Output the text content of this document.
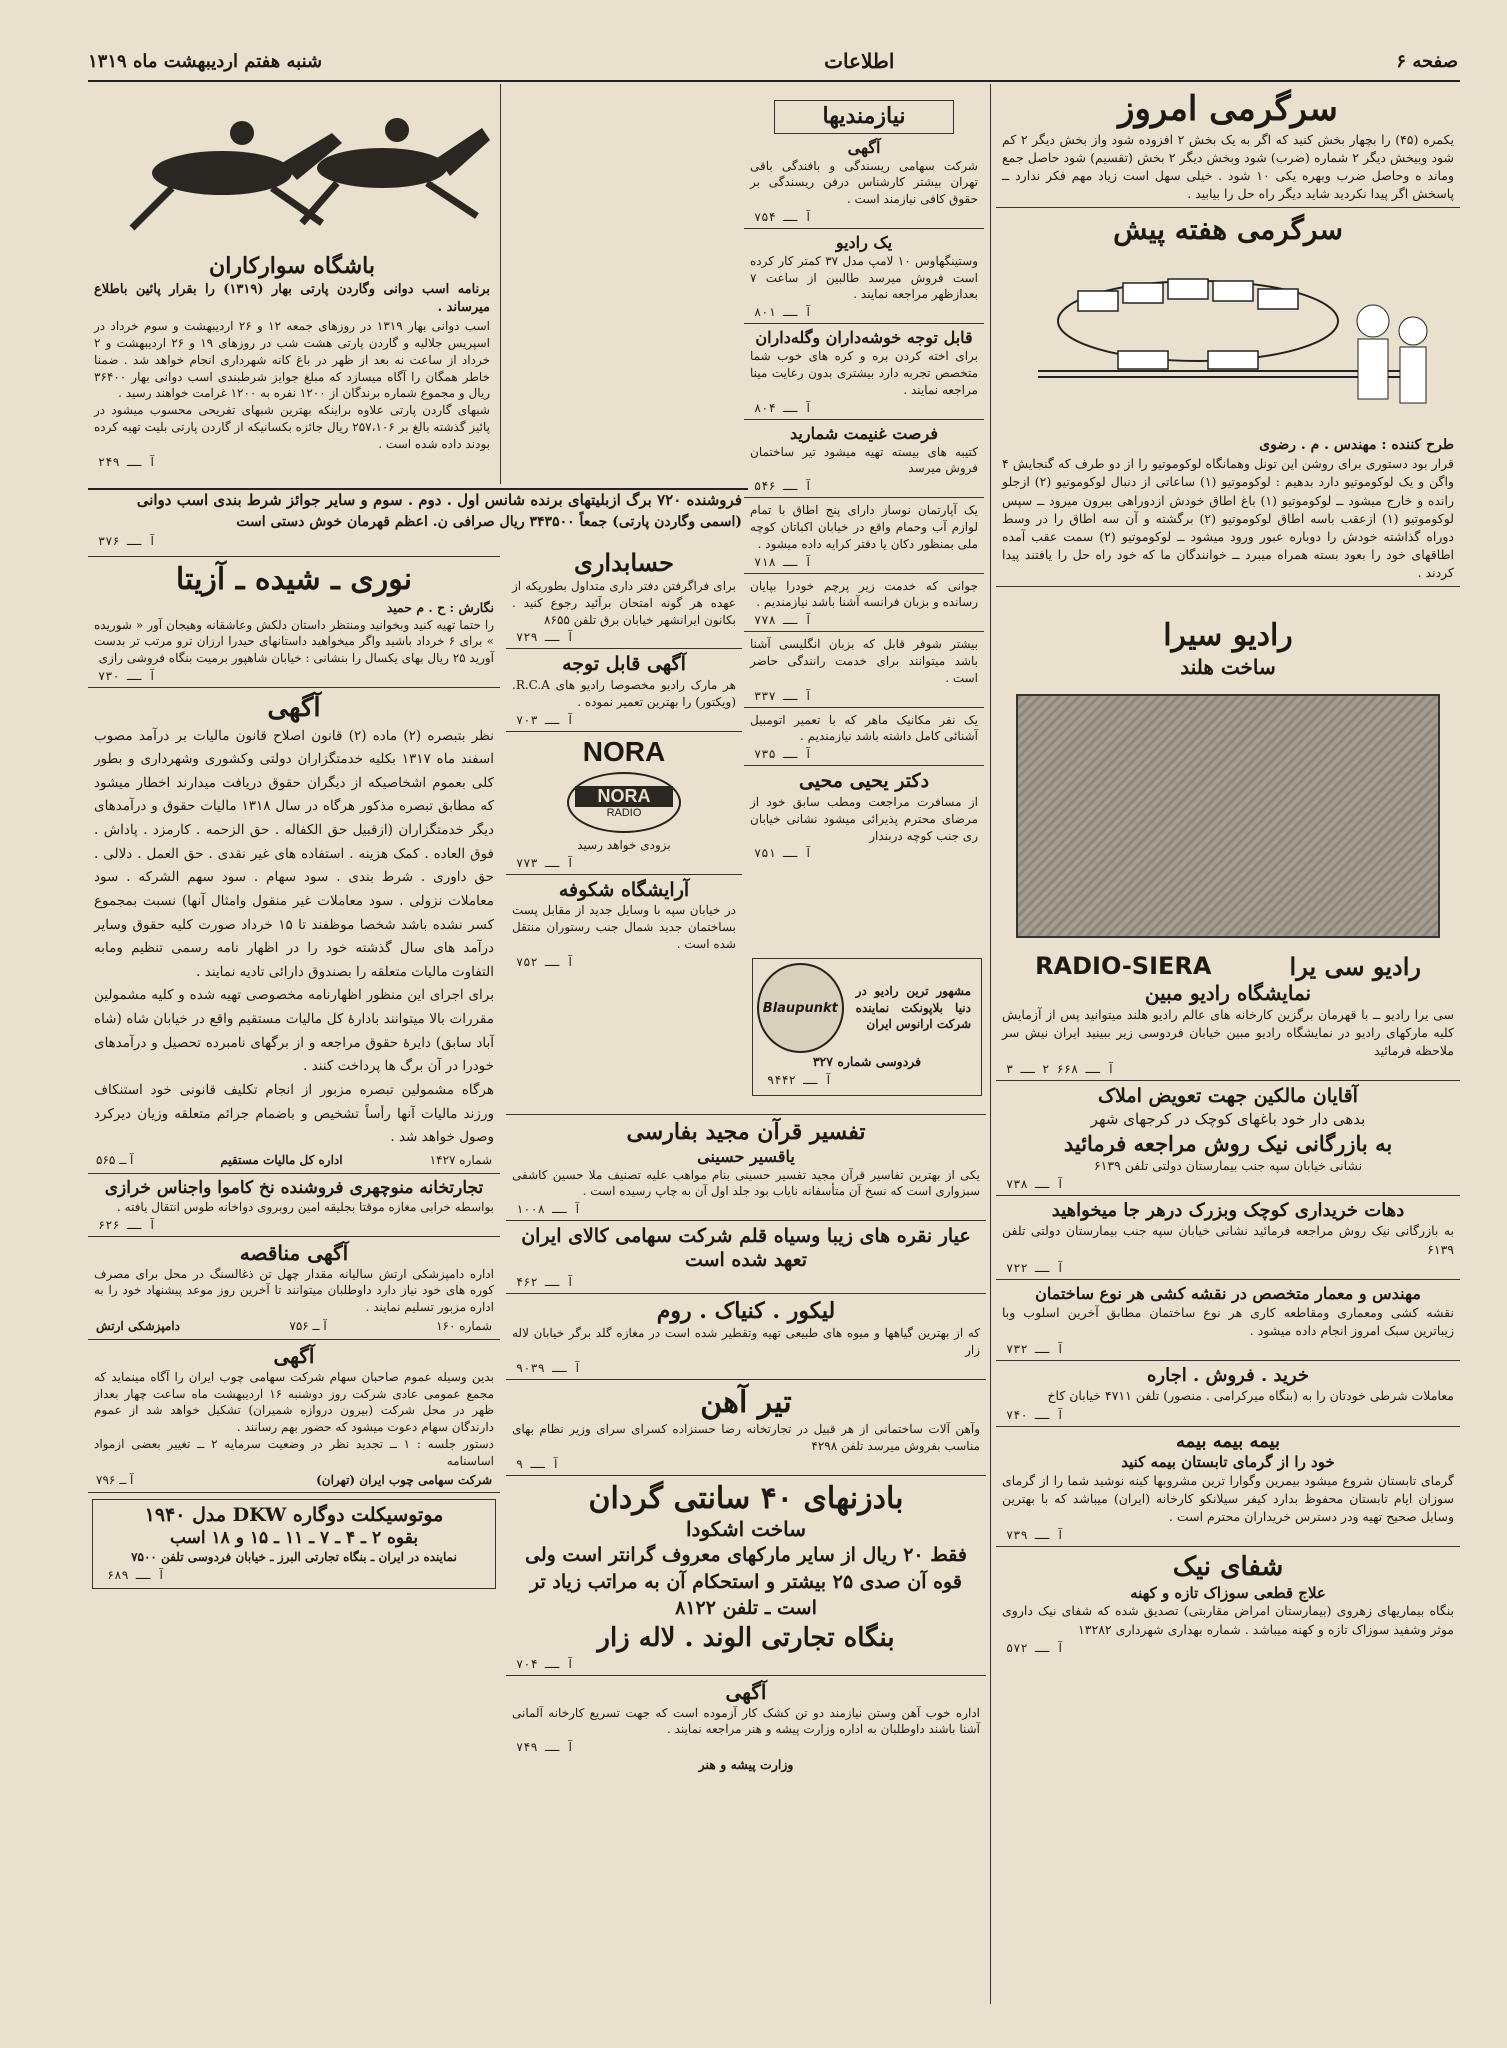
صفحه ۶
اطلاعات
شنبه هفتم اردیبهشت ماه ۱۳۱۹
سرگرمی امروز

یکمره (۴۵) را بچهار بخش کنید که اگر به یک بخش ۲ افزوده شود واز بخش دیگر ۲ کم شود وبیخش دیگر ۲ شماره (ضرب) شود وبخش دیگر ۲ بخش (تقسیم) شود حاصل جمع وماند ه وحاصل ضرب وبهره یکی ۱۰ شود . خیلی سهل است زیاد مهم فکر ندارد ــ پاسخش اگر پیدا نکردید شاید دیگر راه حل را بیابید .

سرگرمی هفته پیش

طرح کننده : مهندس . م . رضوی

قرار بود دستوری برای روشن این تونل وهمانگاه لوکوموتیو را از دو طرف که گنجایش ۴ واگن و یک لوکوموتیو دارد بدهیم : لوکوموتیو (۱) ساعاتی از دنبال لوکوموتیو (۲) ازجلو رانده و خارج میشود ــ لوکوموتیو (۱) باغ اطاق خودش ازدوراهی بیرون میرود ــ سپس لوکوموتیو (۱) ازعقب باسه اطاق لوکوموتیو (۲) برگشته و آن سه اطاق را در وسط دوراه گذاشته خودش را دوباره عبور ورود میشود ــ لوکوموتیو (۲) سمت عقب آمده اطاقهای خود را بعود بسته همراه میبرد ــ خوانندگان ما که خود راه حل را یافتند پیدا کردند .

رادیو سیرا
ساخت هلند
رادیو سی یرا
RADIO-SIERA
نمایشگاه رادیو مبین

سی یرا رادیو ــ با قهرمان برگزین کارخانه های عالم رادیو هلند میتوانید پس از آزمایش کلیه مارکهای رادیو در نمایشگاه رادیو مبین خیابان فردوسی زیر ببینید ایران نیش سر ملاحظه فرمائید

آ ــ ۶۶۸ ۲ ــ ۳

آقایان مالکین جهت تعویض املاک

بدهی دار خود باغهای کوچک در کرجهای شهر

به بازرگانی نیک روش مراجعه فرمائید

نشانی خیابان سپه جنب بیمارستان دولتی تلفن ۶۱۳۹

آ ــ ۷۳۸

دهات خریداری کوچک وبزرک درهر جا میخواهید

به بازرگانی نیک روش مراجعه فرمائید نشانی خیابان سپه جنب بیمارستان دولتی تلفن ۶۱۳۹

آ ــ ۷۲۲

مهندس و معمار متخصص در نقشه کشی هر نوع ساختمان

نقشه کشی ومعماری ومقاطعه کاری هر نوع ساختمان مطابق آخرین اسلوب وبا زیباترین سبک امروز انجام داده میشود .

آ ــ ۷۳۲

خرید . فروش . اجاره

معاملات شرطی خودتان را به (بنگاه میرکرامی . منصور) تلفن ۴۷۱۱ خیابان کاخ

آ ــ ۷۴۰

بیمه بیمه بیمه
خود را از گرمای تابستان بیمه کنید

گرمای تابستان شروع میشود بیمرین وگوارا ترین مشروبها کینه نوشید شما را از گرمای سوزان ایام تابستان محفوظ بدارد کیفر سیلانکو کارخانه (ایران) میباشد که با بهترین وسایل صحیح تهیه ودر دسترس خریداران محترم است .

آ ــ ۷۳۹

شفای نیک
علاج قطعی سوزاک تازه و کهنه

بنگاه بیماریهای زهروی (بیمارستان امراض مقاربتی) تصدیق شده که شفای نیک داروی موثر وشفید سوزاک تازه و کهنه میباشد . شماره بهداری شهرداری ۱۳۲۸۲

آ ــ ۵۷۲

باشگاه سوارکاران

برنامه اسب دوانی وگاردن پارتی بهار (۱۳۱۹) را بقرار پائین باطلاع میرساند .

اسب دوانی بهار ۱۳۱۹ در روزهای جمعه ۱۲ و ۲۶ اردیبهشت و سوم خرداد در اسپریس جلالیه و گاردن پارتی هشت شب در روزهای ۱۹ و ۲۶ اردیبهشت و ۲ خرداد از ساعت نه بعد از ظهر در باغ کانه شهرداری انجام خواهد شد . ضمنا خاطر همگان را آگاه میسازد که مبلغ جوایز شرطبندی اسب دوانی بهار ۳۶۴۰۰ ریال و مجموع شماره برندگان از ۱۲۰۰ نفره به ۱۲۰۰ غرامت خواهند رسید .

شبهای گاردن پارتی علاوه براینکه بهترین شبهای تفریحی محسوب میشود در پائیز گذشته بالغ بر ۲۵۷،۱۰۶ ریال جائزه بکسانیکه از گاردن پارتی بلیت تهیه کرده بودند داده شده است .

آ ــ ۲۴۹

نیازمندیها
آگهی

شرکت سهامی ریسندگی و بافندگی باقی تهران بیشتر کارشناس درفن ریسندگی بر حقوق کافی نیازمند است .

آ ــ ۷۵۴

یک رادیو

وستینگهاوس ۱۰ لامپ مدل ۳۷ کمتر کار کرده است فروش میرسد طالبین از ساعت ۷ بعدازظهر مراجعه نمایند .

آ ــ ۸۰۱

قابل توجه خوشه‌داران وگله‌داران

برای اخته کردن بره و کره های خوب شما متخصص تجربه دارد بیشتری بدون رعایت مینا مراجعه نمایند .

آ ــ ۸۰۴

فرصت غنیمت شمارید

کتیبه های بیسته تهیه میشود تیر ساختمان فروش میرسد

آ ــ ۵۴۶

یک آپارتمان نوساز دارای پنج اطاق با تمام لوازم آب وحمام واقع در خیابان اکباتان کوچه ملی بمنظور دکان یا دفتر کرایه داده میشود .

آ ــ ۷۱۸

جوانی که خدمت زیر پرچم خودرا بپایان رسانده و بزبان فرانسه آشنا باشد نیازمندیم .

آ ــ ۷۷۸

بیشتر شوفر قابل که بزبان انگلیسی آشنا باشد میتوانند برای خدمت رانندگی حاضر است .

آ ــ ۳۳۷

یک نفر مکانیک ماهر که با تعمیر اتومبیل آشنائی کامل داشته باشد نیازمندیم .

آ ــ ۷۳۵

دکتر یحیی محیی

از مسافرت مراجعت ومطب سابق خود از مرضای محترم پذیرائی میشود نشانی خیابان ری جنب کوچه دربندار

آ ــ ۷۵۱

مشهور ترین رادیو در دنیا بلاپونکت نماینده شرکت ارانوس ایران

Blaupunkt

فردوسی شماره ۳۲۷

آ ــ ۹۴۴۲

حسابداری

برای فراگرفتن دفتر داری متداول بطوریکه از عهده هر گونه امتحان برآئید رجوع کنید . بکانون ایرانشهر خیابان برق تلفن ۸۶۵۵

آ ــ ۷۲۹

آگهی قابل توجه

هر مارک رادیو مخصوصا رادیو های R.C.A. (ویکتور) را بهترین تعمیر نموده .

آ ــ ۷۰۳

NORA
NORA
RADIO

بزودی خواهد رسید

آ ــ ۷۷۳

آرایشگاه شکوفه

در خیابان سپه با وسایل جدید از مقابل پست بساختمان جدید شمال جنب رستوران منتقل شده است .

آ ــ ۷۵۲

تفسیر قرآن مجید بفارسی
یاقسیر حسینی

یکی از بهترین تفاسیر قرآن مجید تفسیر حسینی بنام مواهب علیه تصنیف ملا حسین کاشفی سبزواری است که نسخ آن متأسفانه نایاب بود جلد اول آن به چاپ رسیده است .

آ ــ ۱۰۰۸

عیار نقره های زیبا وسیاه قلم شرکت سهامی کالای ایران تعهد شده است

آ ــ ۴۶۲

لیکور . کنیاک . روم

که از بهترین گیاهها و میوه های طبیعی تهیه وتقطیر شده است در مغازه گلد برگر خیابان لاله زار

آ ــ ۹۰۳۹

تیر آهن

وآهن آلات ساختمانی از هر قبیل در تجارتخانه رضا حسنزاده کسرای سرای وزیر نظام بهای مناسب بفروش میرسد تلفن ۴۲۹۸

آ ــ ۹

بادزنهای ۴۰ سانتی گردان
ساخت اشکودا

فقط ۲۰ ریال از سایر مارکهای معروف گرانتر است ولی قوه آن صدی ۲۵ بیشتر و استحکام آن به مراتب زیاد تر است ـ تلفن ۸۱۲۲

بنگاه تجارتی الوند . لاله زار

آ ــ ۷۰۴

آگهی

اداره خوب آهن وستن نیازمند دو تن کشک کار آزموده است که جهت تسریع کارخانه آلمانی آشنا باشند داوطلبان به اداره وزارت پیشه و هنر مراجعه نمایند .

آ ــ ۷۴۹

وزارت پیشه و هنر

فروشنده ۷۲۰ برگ ازبلیتهای برنده شانس اول . دوم . سوم و سایر جوائز شرط بندی اسب دوانی

(اسمی وگاردن پارتی) جمعاً ۳۴۳۵۰۰ ریال صرافی ن. اعظم قهرمان خوش دستی است

آ ــ ۳۷۶

نوری ـ شیده ـ آزیتا

نگارش : ح . م حمید

را حتما تهیه کنید وبخوانید ومنتظر داستان دلکش وعاشقانه وهیجان آور « شوریده » برای ۶ خرداد باشید واگر میخواهید داستانهای حیدرا ارزان ترو مرتب تر بدست آورید ۲۵ ریال بهای یکسال را بنشانی : خیابان شاهپور برمیت بنگاه فروشی رازی

آ ــ ۷۳۰

آگهی

نظر بتبصره (۲) ماده (۲) قانون اصلاح قانون مالیات بر درآمد مصوب اسفند ماه ۱۳۱۷ بکلیه خدمتگزاران دولتی وکشوری وشهرداری و بطور کلی بعموم اشخاصیکه از دیگران حقوق دریافت میدارند اخطار میشود که مطابق تبصره مذکور هرگاه در سال ۱۳۱۸ مالیات حقوق و درآمدهای دیگر خدمتگزاران (ازقبیل حق الکفاله . حق الزحمه . کارمزد . پاداش . فوق العاده . کمک هزینه . استفاده های غیر نقدی . حق العمل . دلالی . حق داوری . شرط بندی . سود سهام . سود سهم الشرکه . سود معاملات نزولی . سود معاملات غیر منقول وامثال آنها) نسبت بمجموع کسر نشده باشد شخصا موظفند تا ۱۵ خرداد صورت کلیه حقوق وسایر درآمد های سال گذشته خود را در اظهار نامه رسمی تنظیم ومابه التفاوت مالیات متعلقه را بصندوق دارائی تادیه نمایند .
برای اجرای این منظور اظهارنامه مخصوصی تهیه شده و کلیه مشمولین مقررات بالا میتوانند بادارهٔ کل مالیات مستقیم واقع در خیابان شاه (شاه آباد سابق) دایرهٔ حقوق مراجعه و از برگهای نامبرده تحصیل و درآمدهای خودرا در آن برگ ها پرداخت کنند .
هرگاه مشمولین تبصره مزبور از انجام تکلیف قانونی خود استنکاف ورزند مالیات آنها رأساً تشخیص و باضمام جرائم متعلقه وزیان دیرکرد وصول خواهد شد .

شماره ۱۴۲۷
اداره کل مالیات مستقیم
آ ــ ۵۶۵
تجارتخانه منوچهری فروشنده نخ کاموا واجناس خرازی

بواسطه خرابی مغازه موقتا بجلیقه امین روبروی دواخانه طوس انتقال یافته .

آ ــ ۶۲۶

آگهی مناقصه

اداره دامپزشکی ارتش سالیانه مقدار چهل تن ذغالسنگ در محل برای مصرف کوره های خود نیاز دارد داوطلبان میتوانند تا آخرین روز موعد پیشنهاد خود را به اداره مزبور تسلیم نمایند .

شماره ۱۶۰
آ ــ ۷۵۶
دامپزشکی ارتش
آگهی

بدین وسیله عموم صاحبان سهام شرکت سهامی چوب ایران را آگاه مینماید که مجمع عمومی عادی شرکت روز دوشنبه ۱۶ اردیبهشت ماه ساعت چهار بعداز ظهر در محل شرکت (بیرون دروازه شمیران) تشکیل خواهد شد از عموم دارندگان سهام دعوت میشود که حضور بهم رسانند .

دستور جلسه : ۱ ــ تجدید نظر در وضعیت سرمایه ۲ ــ تغییر بعضی ازمواد اساسنامه

شرکت سهامی چوب ایران (تهران)
آ ــ ۷۹۶
موتوسیکلت دوگاره DKW مدل ۱۹۴۰
بقوه ۲ ـ ۴ ـ ۷ ـ ۱۱ ـ ۱۵ و ۱۸ اسب

نماینده در ایران ـ بنگاه تجارتی البرز ـ خیابان فردوسی تلفن ۷۵۰۰

آ ــ ۶۸۹
